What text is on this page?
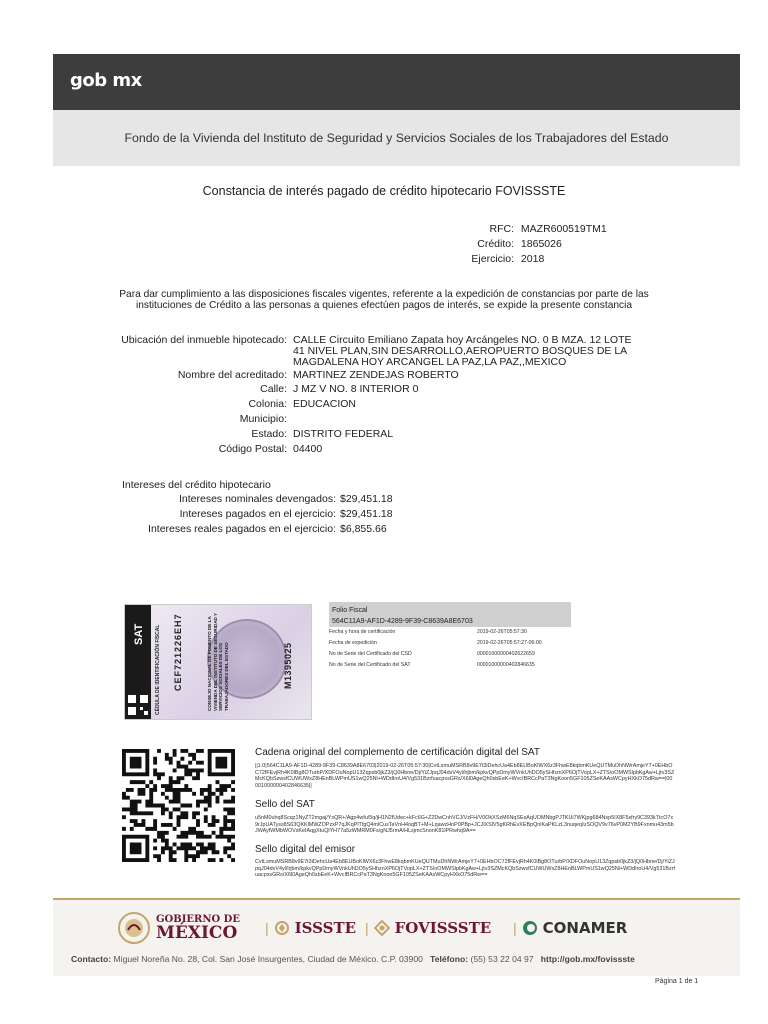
gob mx
Fondo de la Vivienda del Instituto de Seguridad y Servicios Sociales de los Trabajadores del Estado
Constancia de interés pagado de crédito hipotecario FOVISSSTE
RFC: MAZR600519TM1
Crédito: 1865026
Ejercicio: 2018
Para dar cumplimiento a las disposiciones fiscales vigentes, referente a la expedición de constancias por parte de las instituciones de Crédito a las personas a quienes efectúen pagos de interés, se expide la presente constancia
Ubicación del inmueble hipotecado: CALLE Circuito Emiliano Zapata hoy Arcángeles NO. 0 B MZA. 12 LOTE 41 NIVEL PLAN,SIN DESARROLLO,AEROPUERTO BOSQUES DE LA MAGDALENA HOY ARCANGEL LA PAZ,LA PAZ,,MEXICO
Nombre del acreditado: MARTINEZ ZENDEJAS ROBERTO
Calle: J MZ V NO. 8 INTERIOR 0
Colonia: EDUCACION
Municipio:
Estado: DISTRITO FEDERAL
Código Postal: 04400
Intereses del crédito hipotecario
Intereses nominales devengados: $29,451.18
Intereses pagados en el ejercicio: $29,451.18
Intereses reales pagados en el ejercicio: $6,855.66
SAT CÉDULA DE IDENTIFICACIÓN FISCAL CEF721226EH7	CONSEJO NACIONAL DE FOMENTO DE LA VIVIENDA DEL INSTITUTO DE SEGURIDAD Y SERVICIOS SOCIALES DE LOS TRABAJADORES DEL ESTADO	M1395025
Folio Fiscal
564C11A9-AF1D-4289-9F39-C8639A8E6703
Fecha y hora de certificación	2019-02-26T05:57:30
Fecha de expedición	2019-02-26T05:57:27-06:00
No de Serie del Certificado del CSD	00001000000402622659
No de Serie del Certificado del SAT	00001000000402846635
Cadena original del complemento de certificación digital del SAT
||1.0|564C11A9-AF1D-4289-9F39-C8639A8E6703|2019-02-26T05:57:30|CvtLsmuMSRB8v9E7t3iDehcUa4Eb8EUBoKlWX6z3FhwE8kqbmKUeQUTMuDhNWrAmjeY7+0EHbOC72fFEvjRh4K0lBg8OTurbP/XDFOuNopU13Zqpsb0jkZ3/jQ0Hbne/Dj/YiZJpqJ04dvV4yl/lrjbm/kpkvQPpDmyWVnkUhDO5ySHhznXP6OjTVopLX+ZTS/oOMWSlpbKgAw+Ljtv3SZMcKQbSzwsfCUWUWxZ8HEnBLWPmUS1wQ25Nl+WDdIroU4/Vg531BzrfuacpxsGRs/X6l0AgeQh0sbEeK+WvcIBRCcPaT3NgKoon5GF105ZSeKAAsWCpyHXkO75dRw==|00001000000402846635||
Sello del SAT
u5nM0uhq8Scqz1NyZT2mgaj/YsQR+/Agp4wfu/5q/jH1N2fUdec+kFc6G+Z2DwCnhVCJ/VzFH/V0OkXSzM6NqSEsAqUOMNbgPJTKUi7WKjpg684Nsp5IX8F5sfry9C393kTtcO7x9rJpUATyss8S63QKKlMWZOPzxP7qJKqPlTfgQ4mlCusTeVnH4oqBT+M+LqawzHnP0PBp+JCJlXSlV5gKRhEvXEBpQnlKaPKLzL3nuqeq/uSOQV9v76vP0M2YB9Fxnmu43m5bJWAyfWMbWOVsKeIAqgXtuQlYH77a5zWMRM0Fs/gNJ5rmA/HLsjmcSnonK81lPRwhq9A==
Sello digital del emisor
CvtLsmuMSRB8v9E7t3iDehcUa4Eb8EUBoKlWX6z3FhwE8kqbmKUeQUTMuDhNWrAmjeY7+0EHbOC72fFEvjRh4K0lBg8OTurbP/XDFOuNopU13Zqpsb0jkZ3/jQ0Hbne/Dj/YiZJpqJ04dvV4yl/lrjbm/kpkvQPpDmyWVnkUhDO5ySHhznXP6OjTVopLX+ZTS/oOMWSlpbKgAw+Ljtv3SZMcKQbSzwsfCUWUWxZ8HEnBLWPmUS1wQ25Nl+WDdIroU4/Vg531BzrfuacpxsGRs/X6l0AgeQh0sbEeK+WvcIBRCcPaT3NgKoon5GF105ZSeKAAsWCpyHXkO75dRw==
GOBIERNO DE
MÉXICO | ISSSTE | FOVISSSTE | CONAMER
Contacto: Miguel Noreña No. 28, Col. San José Insurgentes, Ciudad de México. C.P. 03900 Teléfono: (55) 53 22 04 97 http://gob.mx/fovissste
Página 1 de 1
